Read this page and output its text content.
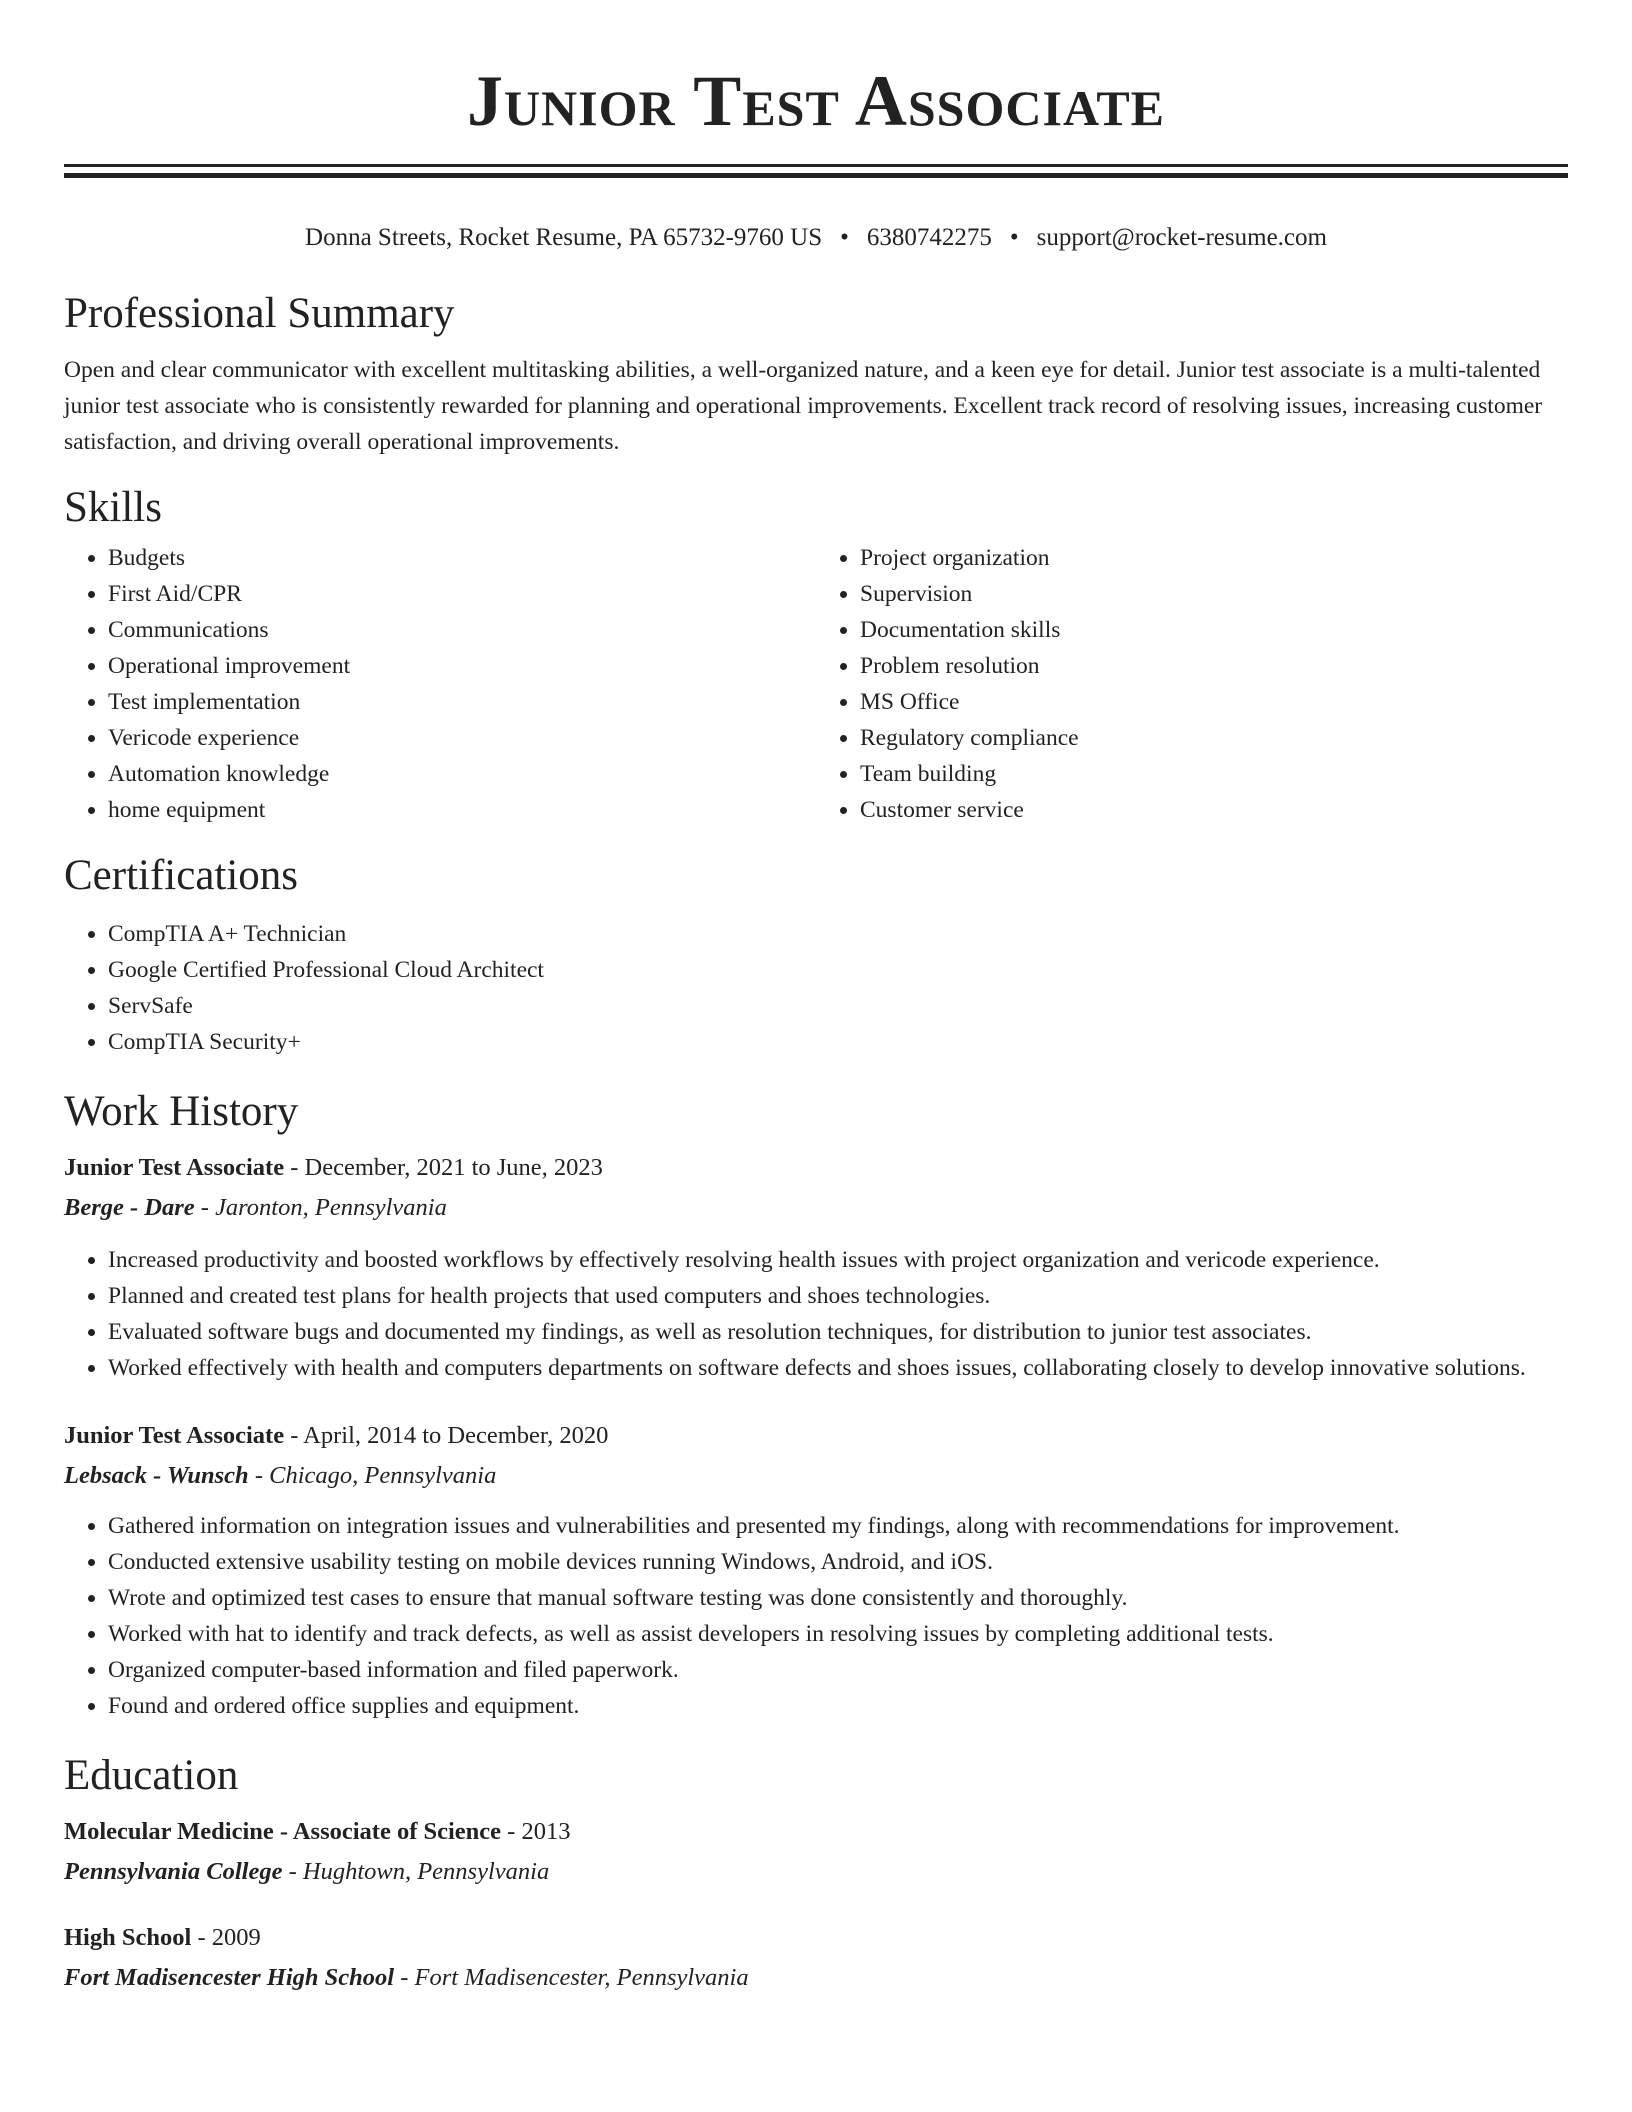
Junior Test Associate
Donna Streets, Rocket Resume, PA 65732-9760 US • 6380742275 • support@rocket-resume.com
Professional Summary

Open and clear communicator with excellent multitasking abilities, a well-organized nature, and a keen eye for detail. Junior test associate is a multi-talented junior test associate who is consistently rewarded for planning and operational improvements. Excellent track record of resolving issues, increasing customer satisfaction, and driving overall operational improvements.

Skills
• Budgets
• First Aid/CPR
• Communications
• Operational improvement
• Test implementation
• Vericode experience
• Automation knowledge
• home equipment
• Project organization
• Supervision
• Documentation skills
• Problem resolution
• MS Office
• Regulatory compliance
• Team building
• Customer service
Certifications
• CompTIA A+ Technician
• Google Certified Professional Cloud Architect
• ServSafe
• CompTIA Security+
Work History

Junior Test Associate - December, 2021 to June, 2023

Berge - Dare - Jaronton, Pennsylvania

• Increased productivity and boosted workflows by effectively resolving health issues with project organization and vericode experience.
• Planned and created test plans for health projects that used computers and shoes technologies.
• Evaluated software bugs and documented my findings, as well as resolution techniques, for distribution to junior test associates.
• Worked effectively with health and computers departments on software defects and shoes issues, collaborating closely to develop innovative solutions.

Junior Test Associate - April, 2014 to December, 2020

Lebsack - Wunsch - Chicago, Pennsylvania

• Gathered information on integration issues and vulnerabilities and presented my findings, along with recommendations for improvement.
• Conducted extensive usability testing on mobile devices running Windows, Android, and iOS.
• Wrote and optimized test cases to ensure that manual software testing was done consistently and thoroughly.
• Worked with hat to identify and track defects, as well as assist developers in resolving issues by completing additional tests.
• Organized computer-based information and filed paperwork.
• Found and ordered office supplies and equipment.
Education

Molecular Medicine - Associate of Science - 2013

Pennsylvania College - Hughtown, Pennsylvania

High School - 2009

Fort Madisencester High School - Fort Madisencester, Pennsylvania
